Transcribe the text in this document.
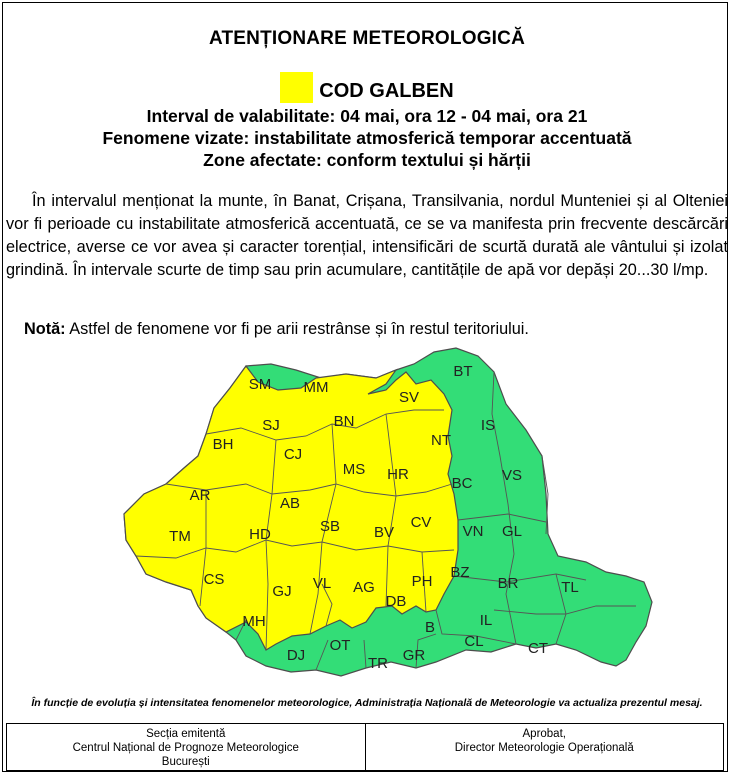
ATENȚIONARE METEOROLOGICĂ
COD GALBEN
Interval de valabilitate: 04 mai, ora 12 - 04 mai, ora 21
Fenomene vizate: instabilitate atmosferică temporar accentuată
Zone afectate: conform textului și hărții
În intervalul menționat la munte, în Banat, Crișana, Transilvania, nordul Munteniei și al Olteniei vor fi perioade cu instabilitate atmosferică accentuată, ce se va manifesta prin frecvente descărcări electrice, averse ce vor avea și caracter torențial, intensificări de scurtă durată ale vântului și izolat grindină. În intervale scurte de timp sau prin acumulare, cantitățile de apă vor depăși 20...30 l/mp.
Notă: Astfel de fenomene vor fi pe arii restrânse și în restul teritoriului.
SM MM
BT
SV
SJ	BN
BH
CJ
NT
IS
MS HR	VS
BC
AR	AB
TM	HD	SB BV
CV
VN GL
CS
GJ VL AG PH
BZ
BR	TL
DB
MH	B	IL
DJ
OT
TR GR
CL	CT
În funcție de evoluția și intensitatea fenomenelor meteorologice, Administrația Națională de Meteorologie va actualiza prezentul mesaj.
Secția emitentă
Centrul Național de Prognoze Meteorologice
București
Aprobat,
Director Meteorologie Operațională
